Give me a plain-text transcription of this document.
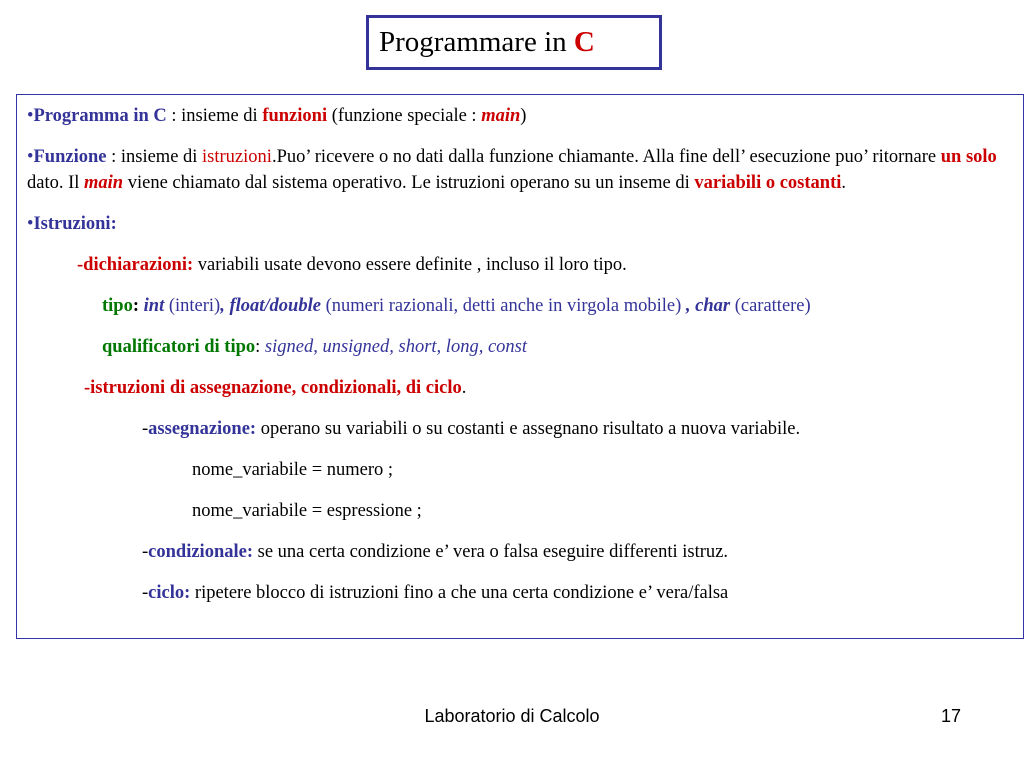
Programmare in C

•Programma in C : insieme di funzioni (funzione speciale : main)

•Funzione : insieme di istruzioni.Puo’ ricevere o no dati dalla funzione chiamante. Alla fine dell’ esecuzione puo’ ritornare un solo dato. Il main viene chiamato dal sistema operativo. Le istruzioni operano su un inseme di variabili o costanti.

•Istruzioni:

-dichiarazioni: variabili usate devono essere definite , incluso il loro tipo.

tipo: int (interi), float/double (numeri razionali, detti anche in virgola mobile) , char (carattere)

qualificatori di tipo: signed, unsigned, short, long, const

-istruzioni di assegnazione, condizionali, di ciclo.

-assegnazione: operano su variabili o su costanti e assegnano risultato a nuova variabile.

nome_variabile = numero ;

nome_variabile = espressione ;

-condizionale: se una certa condizione e’ vera o falsa eseguire differenti istruz.

-ciclo: ripetere blocco di istruzioni fino a che una certa condizione e’ vera/falsa

Laboratorio di Calcolo	17
